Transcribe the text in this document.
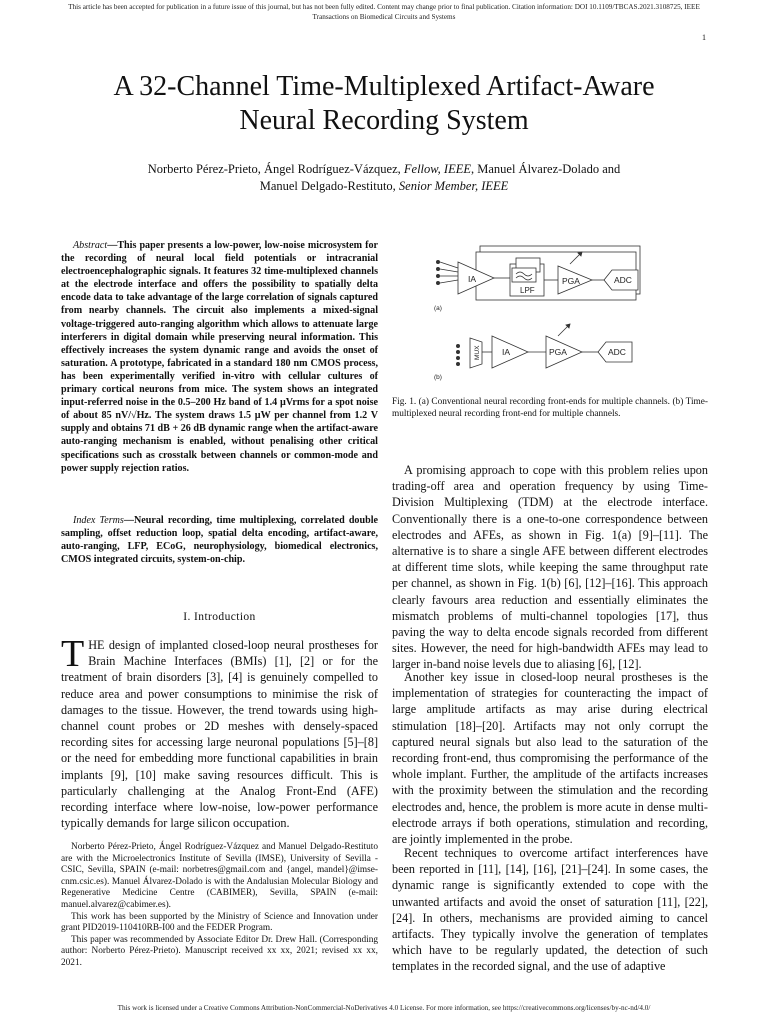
This article has been accepted for publication in a future issue of this journal, but has not been fully edited. Content may change prior to final publication. Citation information: DOI 10.1109/TBCAS.2021.3108725, IEEE
Transactions on Biomedical Circuits and Systems
1
A 32-Channel Time-Multiplexed Artifact-Aware
Neural Recording System
Norberto Pérez-Prieto, Ángel Rodríguez-Vázquez, Fellow, IEEE, Manuel Álvarez-Dolado and
Manuel Delgado-Restituto, Senior Member, IEEE

Abstract—This paper presents a low-power, low-noise microsystem for the recording of neural local field potentials or intracranial electroencephalographic signals. It features 32 time-multiplexed channels at the electrode interface and offers the possibility to spatially delta encode data to take advantage of the large correlation of signals captured from nearby channels. The circuit also implements a mixed-signal voltage-triggered auto-ranging algorithm which allows to attenuate large interferers in digital domain while preserving neural information. This effectively increases the system dynamic range and avoids the onset of saturation. A prototype, fabricated in a standard 180 nm CMOS process, has been experimentally verified in-vitro with cellular cultures of primary cortical neurons from mice. The system shows an integrated input-referred noise in the 0.5–200 Hz band of 1.4 µVrms for a spot noise of about 85 nV/√Hz. The system draws 1.5 µW per channel from 1.2 V supply and obtains 71 dB + 26 dB dynamic range when the artifact-aware auto-ranging mechanism is enabled, without penalising other critical specifications such as crosstalk between channels or common-mode and power supply rejection ratios.

Index Terms—Neural recording, time multiplexing, correlated double sampling, offset reduction loop, spatial delta encoding, artifact-aware, auto-ranging, LFP, ECoG, neurophysiology, biomedical electronics, CMOS integrated circuits, system-on-chip.

I. Introduction

THE design of implanted closed-loop neural prostheses for Brain Machine Interfaces (BMIs) [1], [2] or for the treatment of brain disorders [3], [4] is genuinely compelled to reduce area and power consumptions to minimise the risk of damages to the tissue. However, the trend towards using high-channel count probes or 2D meshes with densely-spaced recording sites for accessing large neuronal populations [5]–[8] or the need for embedding more functional capabilities in brain implants [9], [10] make saving resources difficult. This is particularly challenging at the Analog Front-End (AFE) recording interface where low-noise, low-power performance typically demands for large silicon occupation.

Norberto Pérez-Prieto, Ángel Rodríguez-Vázquez and Manuel Delgado-Restituto are with the Microelectronics Institute of Sevilla (IMSE), University of Sevilla - CSIC, Sevilla, SPAIN (e-mail: norbetres@gmail.com and {angel, mandel}@imse-cnm.csic.es). Manuel Álvarez-Dolado is with the Andalusian Molecular Biology and Regenerative Medicine Centre (CABIMER), Sevilla, SPAIN (e-mail: manuel.alvarez@cabimer.es).

This work has been supported by the Ministry of Science and Innovation under grant PID2019-110410RB-I00 and the FEDER Program.

This paper was recommended by Associate Editor Dr. Drew Hall. (Corresponding author: Norberto Pérez-Prieto). Manuscript received xx xx, 2021; revised xx xx, 2021.

IA
LPF
PGA	ADC
(a)
IA	PGA	ADC
MUX
(b)
Fig. 1. (a) Conventional neural recording front-ends for multiple channels. (b) Time-multiplexed neural recording front-end for multiple channels.

A promising approach to cope with this problem relies upon trading-off area and operation frequency by using Time-Division Multiplexing (TDM) at the electrode interface. Conventionally there is a one-to-one correspondence between electrodes and AFEs, as shown in Fig. 1(a) [9]–[11]. The alternative is to share a single AFE between different electrodes at different time slots, while keeping the same throughput rate per channel, as shown in Fig. 1(b) [6], [12]–[16]. This approach clearly favours area reduction and essentially eliminates the mismatch problems of multi-channel topologies [17], thus paving the way to delta encode signals recorded from different sites. However, the need for high-bandwidth AFEs may lead to larger in-band noise levels due to aliasing [6], [12].

Another key issue in closed-loop neural prostheses is the implementation of strategies for counteracting the impact of large amplitude artifacts as may arise during electrical stimulation [18]–[20]. Artifacts may not only corrupt the captured neural signals but also lead to the saturation of the recording front-end, thus compromising the performance of the whole implant. Further, the amplitude of the artifacts increases with the proximity between the stimulation and the recording electrodes and, hence, the problem is more acute in dense multi-electrode arrays if both operations, stimulation and recording, are jointly implemented in the probe.

Recent techniques to overcome artifact interferences have been reported in [11], [14], [16], [21]–[24]. In some cases, the dynamic range is significantly extended to cope with the unwanted artifacts and avoid the onset of saturation [11], [22], [24]. In others, mechanisms are provided aiming to cancel artifacts. They typically involve the generation of templates which have to be regularly updated, the detection of such templates in the recorded signal, and the use of adaptive

This work is licensed under a Creative Commons Attribution-NonCommercial-NoDerivatives 4.0 License. For more information, see https://creativecommons.org/licenses/by-nc-nd/4.0/
